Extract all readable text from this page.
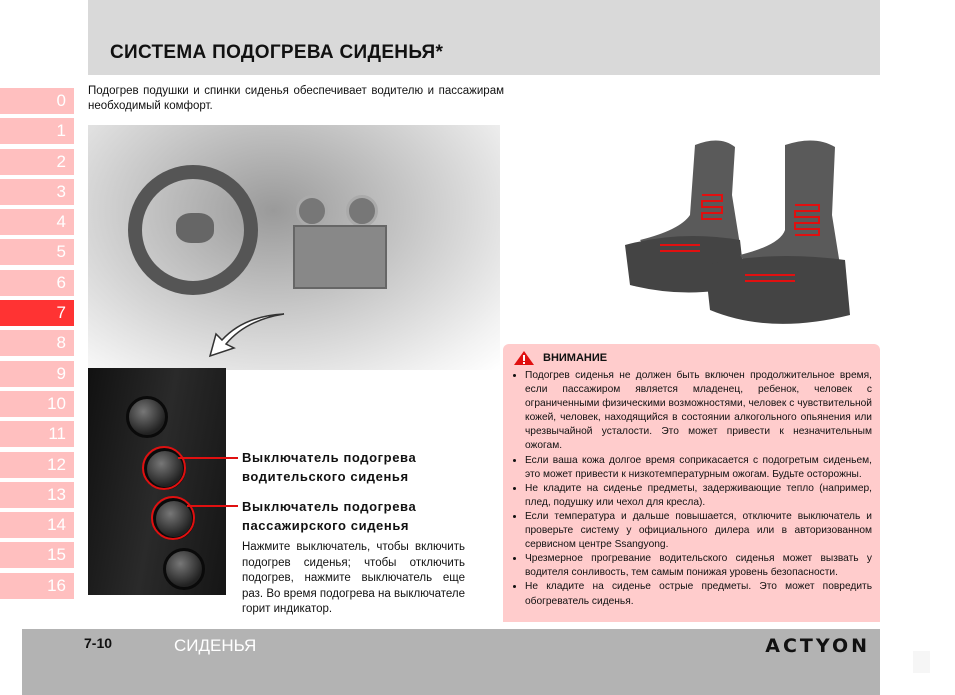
СИСТЕМА ПОДОГРЕВА СИДЕНЬЯ*
Подогрев подушки и спинки сиденья обеспечивает водителю и пассажирам необходимый комфорт.
0
1
2
3
4
5
6
7
8
9
10
11
12
13
14
15
16
Выключатель подогрева водительского сиденья
Выключатель подогрева пассажирского сиденья
Нажмите выключатель, чтобы включить подогрев сиденья; чтобы отключить подогрев, нажмите выключатель еще раз. Во время подогрева на выключателе горит индикатор.
ВНИМАНИЕ
• Подогрев сиденья не должен быть включен продолжительное время, если пассажиром является младенец, ребенок, человек с ограниченными физическими возможностями, человек с чувствительной кожей, человек, находящийся в состоянии алкогольного опьянения или чрезвычайной усталости. Это может привести к незначительным ожогам.
• Если ваша кожа долгое время соприкасается с подогретым сиденьем, это может привести к низкотемпературным ожогам. Будьте осторожны.
• Не кладите на сиденье предметы, задерживающие тепло (например, плед, подушку или чехол для кресла).
• Если температура и дальше повышается, отключите выключатель и проверьте систему у официального дилера или в авторизованном сервисном центре Ssangyong.
• Чрезмерное прогревание водительского сиденья может вызвать у водителя сонливость, тем самым понижая уровень безопасности.
• Не кладите на сиденье острые предметы. Это может повредить обогреватель сиденья.
7-10	СИДЕНЬЯ	ACTYON
